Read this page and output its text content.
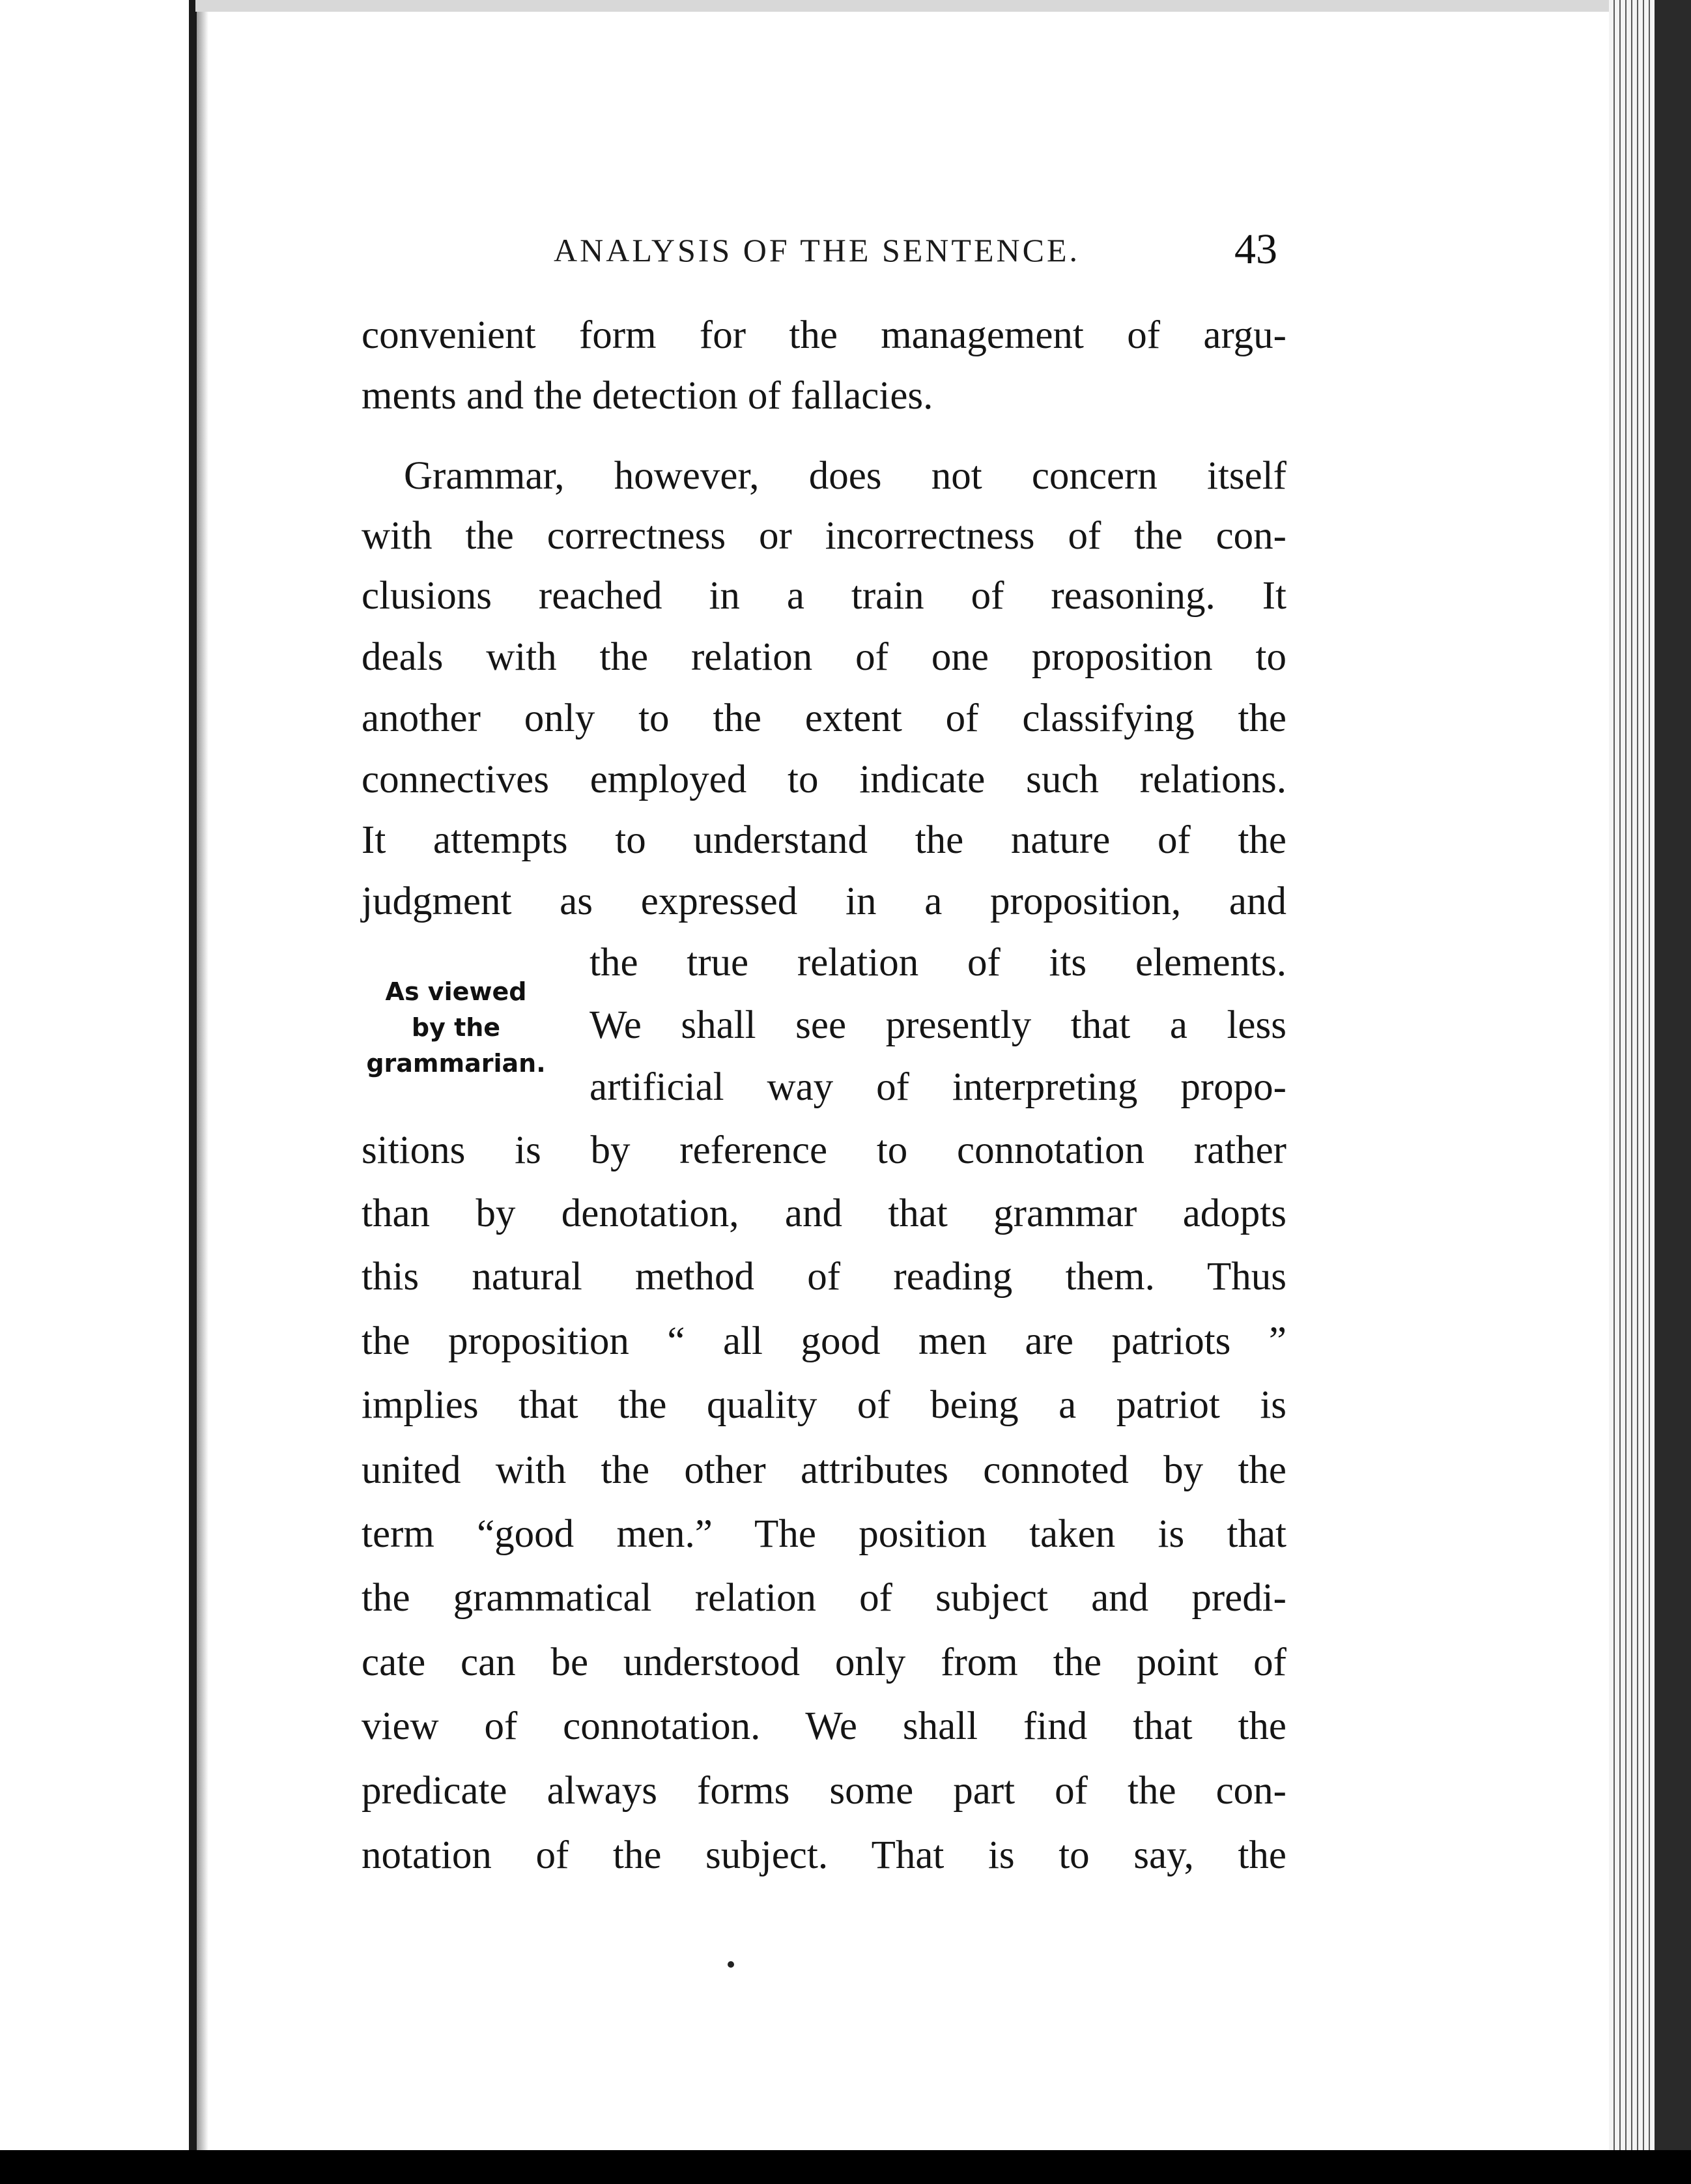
ANALYSIS OF THE SENTENCE.	43
convenient form for the management of argu-
ments and the detection of fallacies.
Grammar, however, does not concern itself
with the correctness or incorrectness of the con-
clusions reached in a train of reasoning. It
deals with the relation of one proposition to
another only to the extent of classifying the
connectives employed to indicate such relations.
It attempts to understand the nature of the
judgment as expressed in a proposition, and
the true relation of its elements.
We shall see presently that a less
artificial way of interpreting propo-
sitions is by reference to connotation rather
than by denotation, and that grammar adopts
this natural method of reading them. Thus
the proposition “ all good men are patriots ”
implies that the quality of being a patriot is
united with the other attributes connoted by the
term “good men.” The position taken is that
the grammatical relation of subject and predi-
cate can be understood only from the point of
view of connotation. We shall find that the
predicate always forms some part of the con-
notation of the subject. That is to say, the
As viewed
by the
grammarian.
